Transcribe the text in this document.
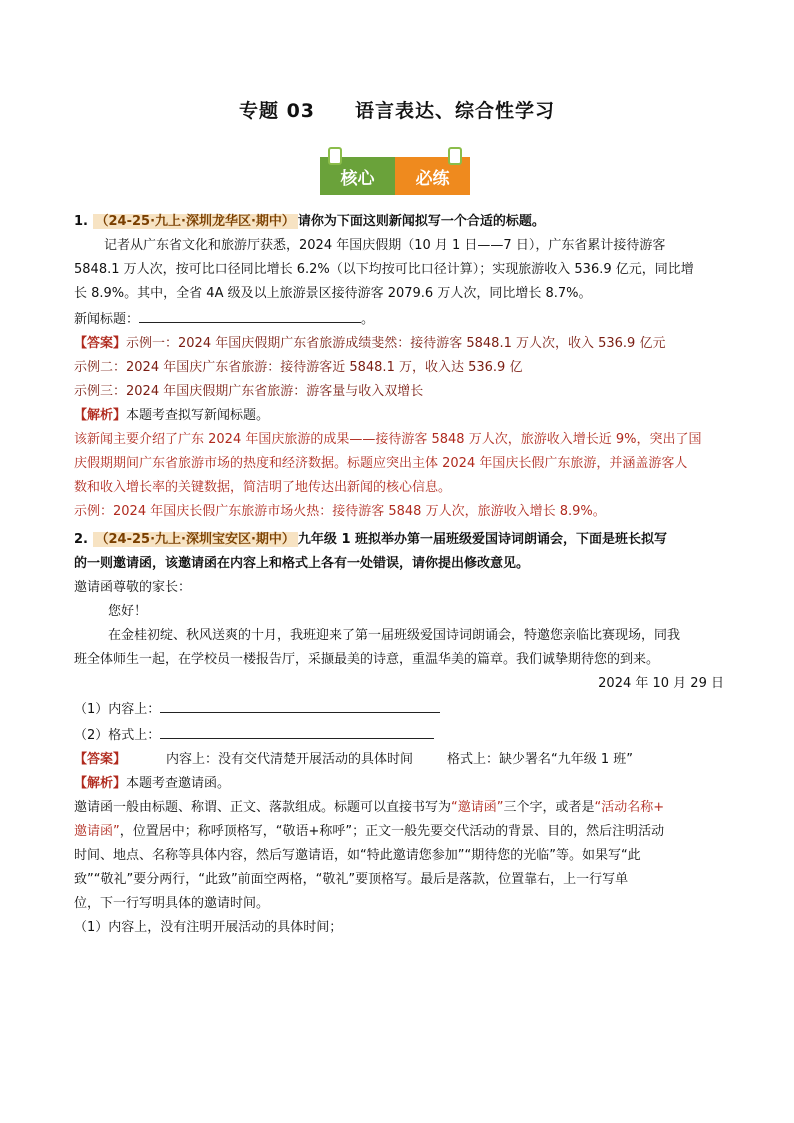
专题 03 语言表达、综合性学习
核心	必练
1. （24-25·九上·深圳龙华区·期中） 请你为下面这则新闻拟写一个合适的标题。
记者从广东省文化和旅游厅获悉，2024 年国庆假期（10 月 1 日——7 日），广东省累计接待游客
5848.1 万人次，按可比口径同比增长 6.2%（以下均按可比口径计算）；实现旅游收入 536.9 亿元，同比增
长 8.9%。其中，全省 4A 级及以上旅游景区接待游客 2079.6 万人次，同比增长 8.7%。
新闻标题：	。
【答案】示例一：2024 年国庆假期广东省旅游成绩斐然：接待游客 5848.1 万人次，收入 536.9 亿元
示例二：2024 年国庆广东省旅游：接待游客近 5848.1 万，收入达 536.9 亿
示例三：2024 年国庆假期广东省旅游：游客量与收入双增长
【解析】本题考查拟写新闻标题。
该新闻主要介绍了广东 2024 年国庆旅游的成果——接待游客 5848 万人次，旅游收入增长近 9%，突出了国
庆假期期间广东省旅游市场的热度和经济数据。标题应突出主体 2024 年国庆长假广东旅游，并涵盖游客人
数和收入增长率的关键数据，简洁明了地传达出新闻的核心信息。
示例：2024 年国庆长假广东旅游市场火热：接待游客 5848 万人次，旅游收入增长 8.9%。
2. （24-25·九上·深圳宝安区·期中） 九年级 1 班拟举办第一届班级爱国诗词朗诵会，下面是班长拟写
的一则邀请函，该邀请函在内容上和格式上各有一处错误，请你提出修改意见。
邀请函尊敬的家长：
您好！
在金桂初绽、秋风送爽的十月，我班迎来了第一届班级爱国诗词朗诵会，特邀您亲临比赛现场，同我
班全体师生一起，在学校员一楼报告厅，采撷最美的诗意，重温华美的篇章。我们诚挚期待您的到来。
2024 年 10 月 29 日
（1）内容上：
（2）格式上：
【答案】	内容上：没有交代清楚开展活动的具体时间	格式上：缺少署名“九年级 1 班”
【解析】本题考查邀请函。
邀请函一般由标题、称谓、正文、落款组成。标题可以直接书写为“邀请函”三个字，或者是“活动名称+
邀请函”，位置居中；称呼顶格写，“敬语+称呼”；正文一般先要交代活动的背景、目的，然后注明活动
时间、地点、名称等具体内容，然后写邀请语，如“特此邀请您参加”“期待您的光临”等。如果写“此
致”“敬礼”要分两行，“此致”前面空两格，“敬礼”要顶格写。最后是落款，位置靠右，上一行写单
位，下一行写明具体的邀请时间。
（1）内容上，没有注明开展活动的具体时间；
